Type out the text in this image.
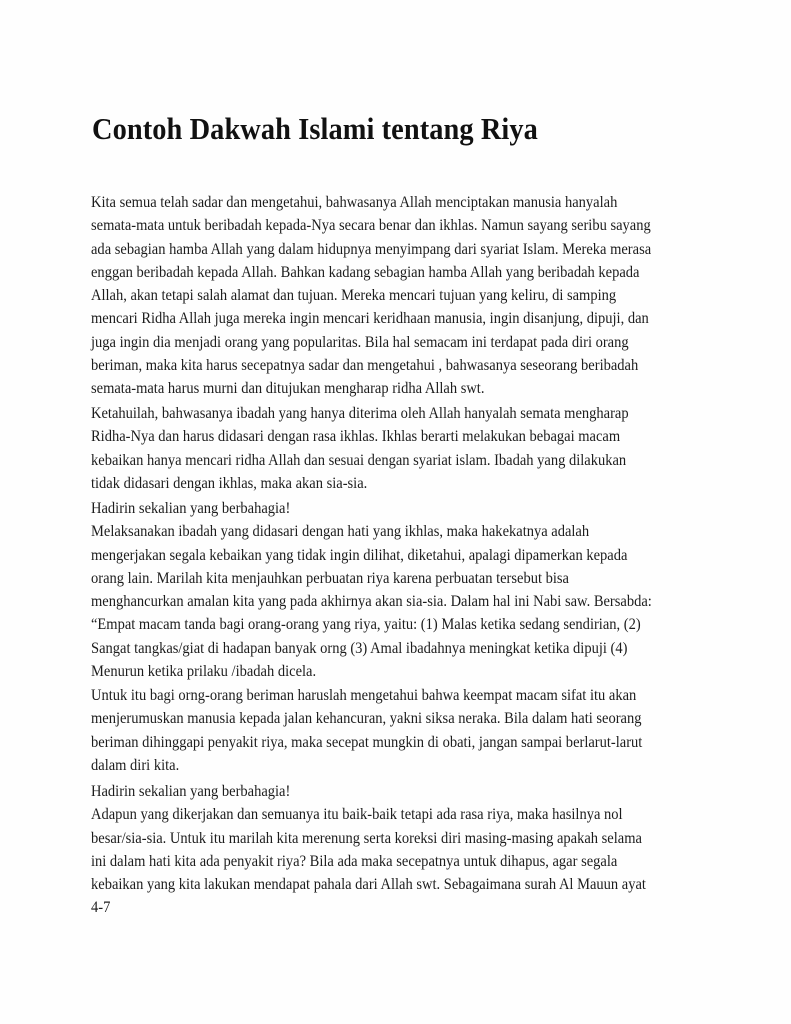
Contoh Dakwah Islami tentang Riya
Kita semua telah sadar dan mengetahui, bahwasanya Allah menciptakan manusia hanyalah
semata-mata untuk beribadah kepada-Nya secara benar dan ikhlas. Namun sayang seribu sayang
ada sebagian hamba Allah yang dalam hidupnya menyimpang dari syariat Islam. Mereka merasa
enggan beribadah kepada Allah. Bahkan kadang sebagian hamba Allah yang beribadah kepada
Allah, akan tetapi salah alamat dan tujuan. Mereka mencari tujuan yang keliru, di samping
mencari Ridha Allah juga mereka ingin mencari keridhaan manusia, ingin disanjung, dipuji, dan
juga ingin dia menjadi orang yang popularitas. Bila hal semacam ini terdapat pada diri orang
beriman, maka kita harus secepatnya sadar dan mengetahui , bahwasanya seseorang beribadah
semata-mata harus murni dan ditujukan mengharap ridha Allah swt.
Ketahuilah, bahwasanya ibadah yang hanya diterima oleh Allah hanyalah semata mengharap
Ridha-Nya dan harus didasari dengan rasa ikhlas. Ikhlas berarti melakukan bebagai macam
kebaikan hanya mencari ridha Allah dan sesuai dengan syariat islam. Ibadah yang dilakukan
tidak didasari dengan ikhlas, maka akan sia-sia.
Hadirin sekalian yang berbahagia!
Melaksanakan ibadah yang didasari dengan hati yang ikhlas, maka hakekatnya adalah
mengerjakan segala kebaikan yang tidak ingin dilihat, diketahui, apalagi dipamerkan kepada
orang lain. Marilah kita menjauhkan perbuatan riya karena perbuatan tersebut bisa
menghancurkan amalan kita yang pada akhirnya akan sia-sia. Dalam hal ini Nabi saw. Bersabda:
“Empat macam tanda bagi orang-orang yang riya, yaitu: (1) Malas ketika sedang sendirian, (2)
Sangat tangkas/giat di hadapan banyak orng (3) Amal ibadahnya meningkat ketika dipuji (4)
Menurun ketika prilaku /ibadah dicela.
Untuk itu bagi orng-orang beriman haruslah mengetahui bahwa keempat macam sifat itu akan
menjerumuskan manusia kepada jalan kehancuran, yakni siksa neraka. Bila dalam hati seorang
beriman dihinggapi penyakit riya, maka secepat mungkin di obati, jangan sampai berlarut-larut
dalam diri kita.
Hadirin sekalian yang berbahagia!
Adapun yang dikerjakan dan semuanya itu baik-baik tetapi ada rasa riya, maka hasilnya nol
besar/sia-sia. Untuk itu marilah kita merenung serta koreksi diri masing-masing apakah selama
ini dalam hati kita ada penyakit riya? Bila ada maka secepatnya untuk dihapus, agar segala
kebaikan yang kita lakukan mendapat pahala dari Allah swt. Sebagaimana surah Al Mauun ayat
4-7
